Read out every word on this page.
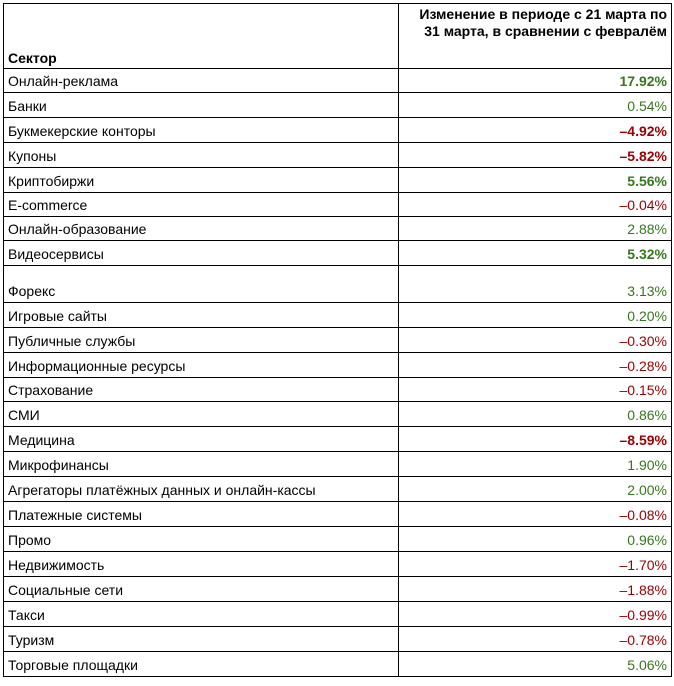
Сектор	Изменение в периоде с 21 марта по 31 марта, в сравнении с февралём
Онлайн-реклама	17.92%
Банки	0.54%
Букмекерские конторы	–4.92%
Купоны	–5.82%
Криптобиржи	5.56%
E-commerce	–0.04%
Онлайн-образование	2.88%
Видеосервисы	5.32%
Форекс	3.13%
Игровые сайты	0.20%
Публичные службы	–0.30%
Информационные ресурсы	–0.28%
Страхование	–0.15%
СМИ	0.86%
Медицина	–8.59%
Микрофинансы	1.90%
Агрегаторы платёжных данных и онлайн-кассы	2.00%
Платежные системы	–0.08%
Промо	0.96%
Недвижимость	–1.70%
Социальные сети	–1.88%
Такси	–0.99%
Туризм	–0.78%
Торговые площадки	5.06%
